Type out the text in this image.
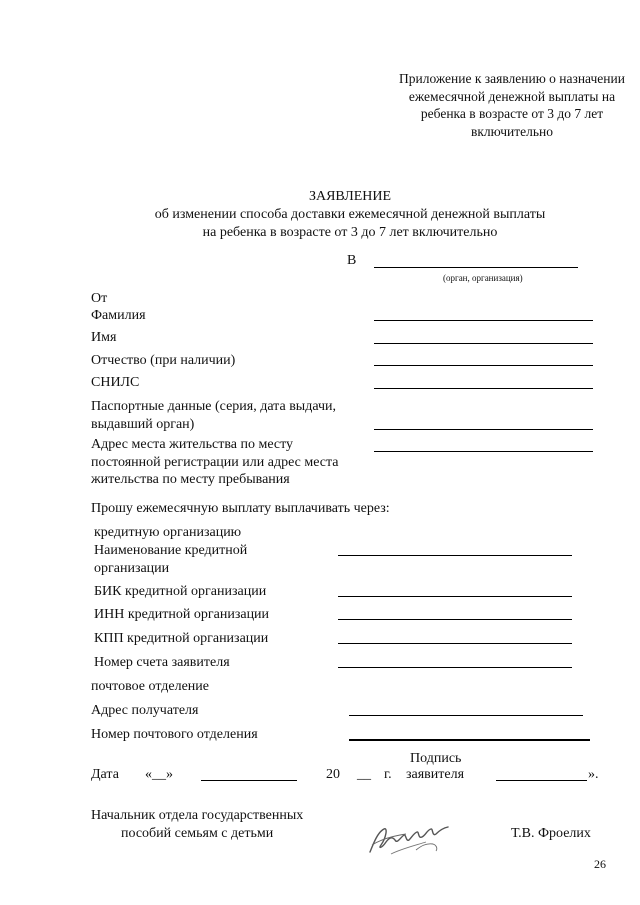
Приложение к заявлению о назначении ежемесячной денежной выплаты на ребенка в возрасте от 3 до 7 лет включительно
ЗАЯВЛЕНИЕ
об изменении способа доставки ежемесячной денежной выплаты
на ребенка в возрасте от 3 до 7 лет включительно
В
(орган, организация)
От
Фамилия
Имя
Отчество (при наличии)
СНИЛС
Паспортные данные (серия, дата выдачи,
выдавший орган)
Адрес места жительства по месту
постоянной регистрации или адрес места
жительства по месту пребывания
Прошу ежемесячную выплату выплачивать через:
кредитную организацию
Наименование кредитной
организации
БИК кредитной организации
ИНН кредитной организации
КПП кредитной организации
Номер счета заявителя
почтовое отделение
Адрес получателя
Номер почтового отделения
Дата «__»	20 __ г.
Подпись
заявителя	».
Начальник отдела государственных
пособий семьям с детьми	Т.В. Фроелих
26
